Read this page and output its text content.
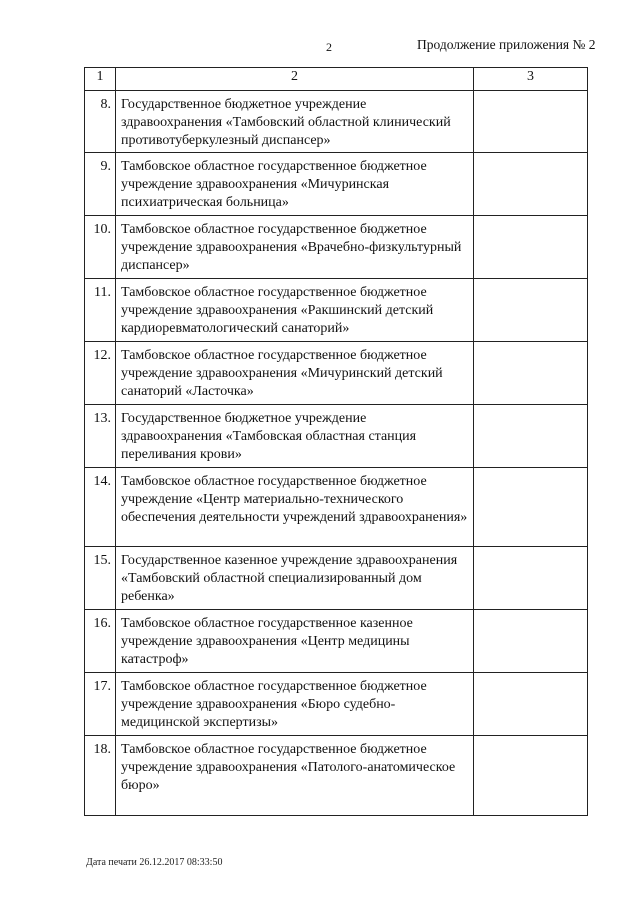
2	Продолжение приложения № 2
1	2	3
8.	Государственное бюджетное учреждение здравоохранения «Тамбовский областной клинический противотуберкулезный диспансер»	
9.	Тамбовское областное государственное бюджетное учреждение здравоохранения «Мичуринская психиатрическая больница»	
10.	Тамбовское областное государственное бюджетное учреждение здравоохранения «Врачебно-физкультурный диспансер»	
11.	Тамбовское областное государственное бюджетное учреждение здравоохранения «Ракшинский детский кардиоревматологический санаторий»	
12.	Тамбовское областное государственное бюджетное учреждение здравоохранения «Мичуринский детский санаторий «Ласточка»	
13.	Государственное бюджетное учреждение здравоохранения «Тамбовская областная станция переливания крови»	
14.	Тамбовское областное государственное бюджетное учреждение «Центр материально-технического обеспечения деятельности учреждений здравоохранения»	
15.	Государственное казенное учреждение здравоохранения «Тамбовский областной специализированный дом ребенка»	
16.	Тамбовское областное государственное казенное учреждение здравоохранения «Центр медицины катастроф»	
17.	Тамбовское областное государственное бюджетное учреждение здравоохранения «Бюро судебно-медицинской экспертизы»	
18.	Тамбовское областное государственное бюджетное учреждение здравоохранения «Патолого-анатомическое бюро»	
Дата печати 26.12.2017 08:33:50
